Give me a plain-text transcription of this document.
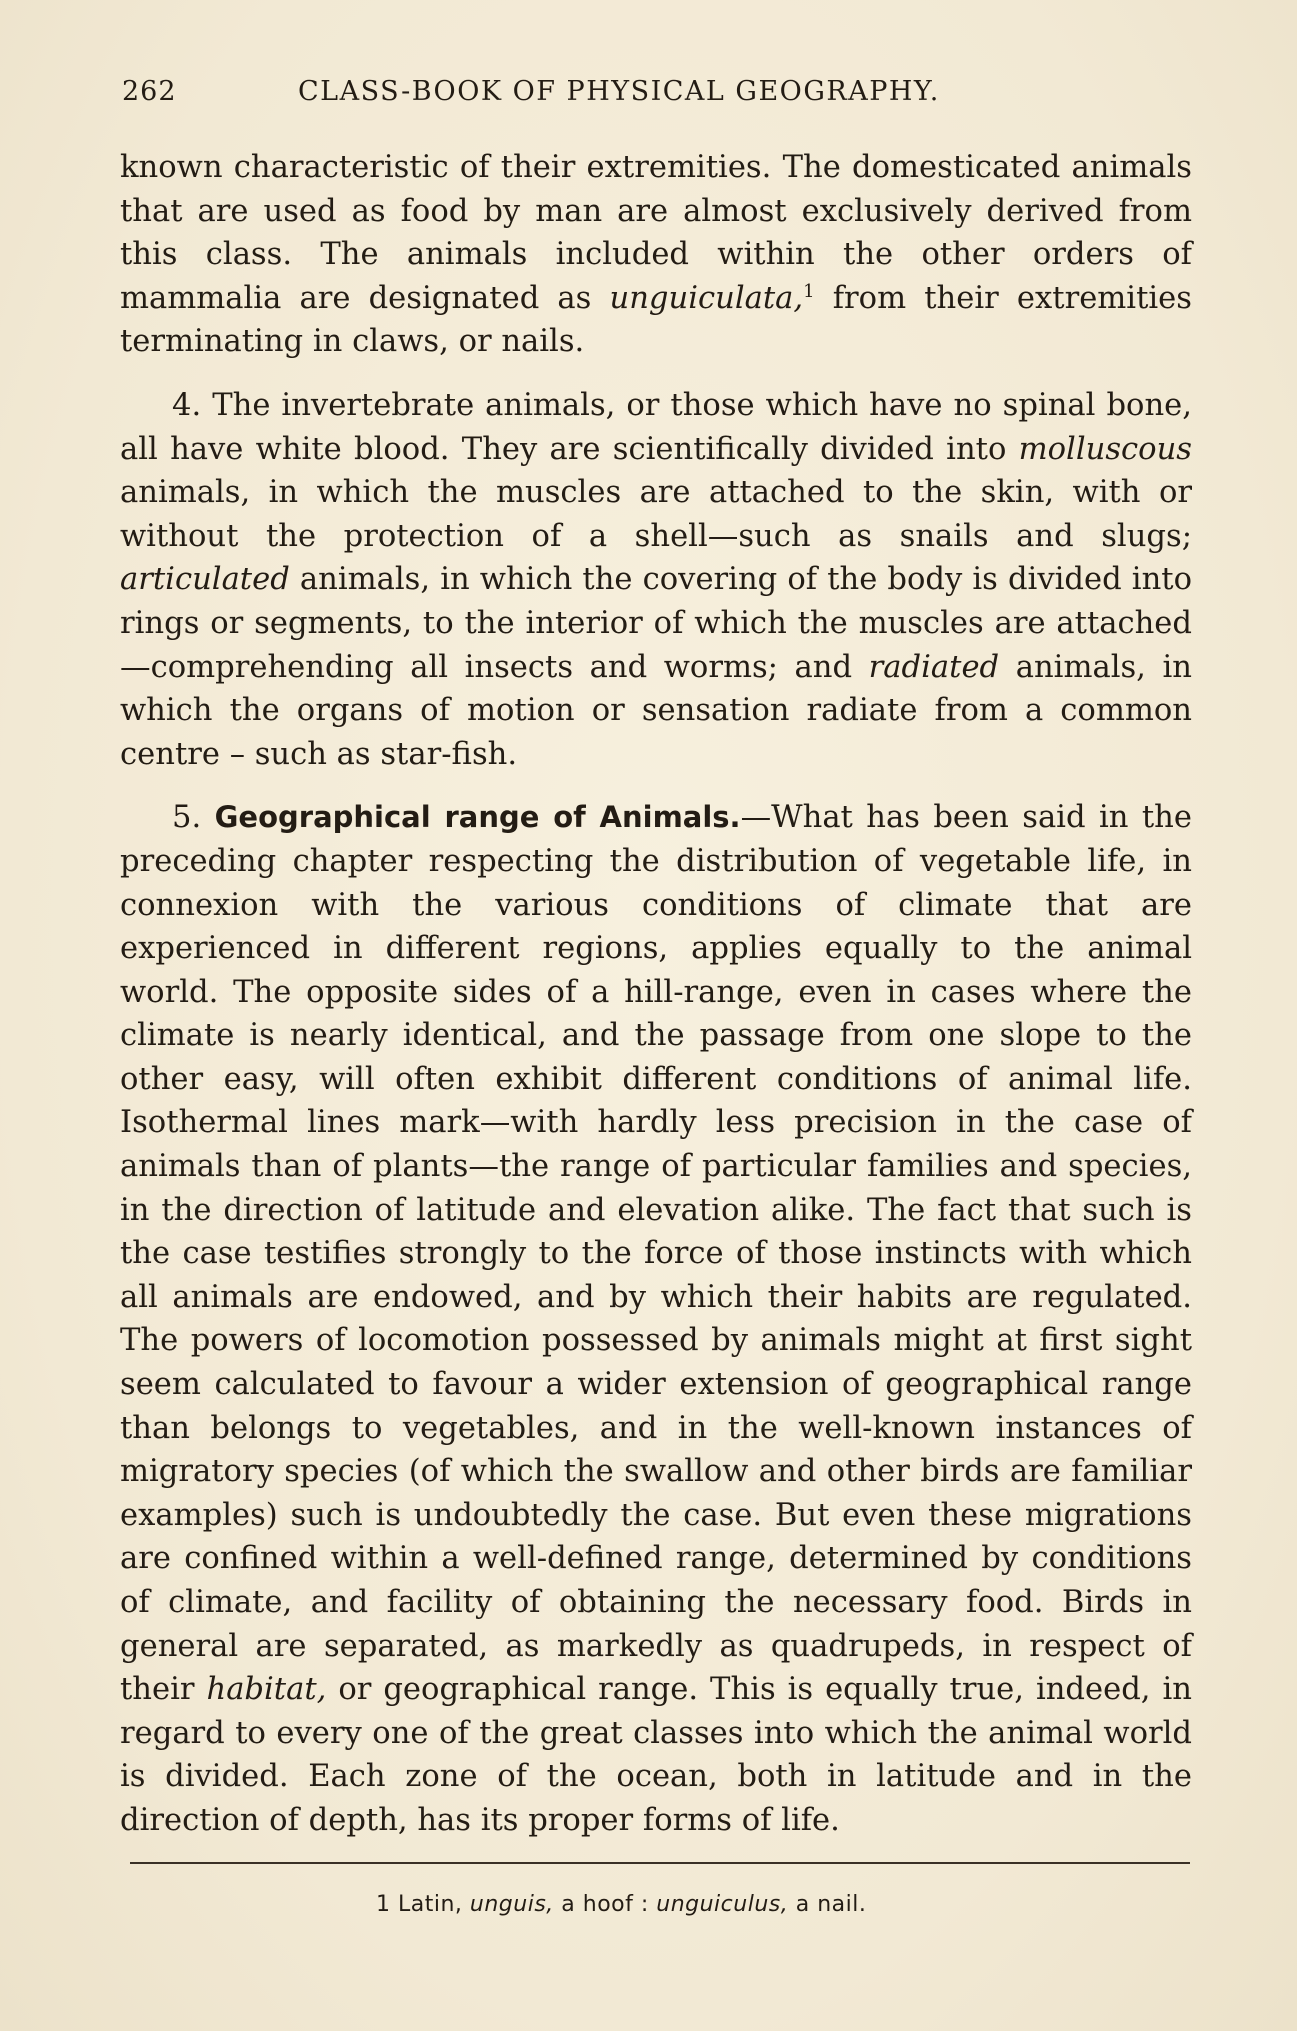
262	CLASS-BOOK OF PHYSICAL GEOGRAPHY.

known characteristic of their extremities. The domesticated animals that are used as food by man are almost exclusively derived from this class. The animals included within the other orders of mammalia are designated as unguiculata,$^1$ from their extremities terminating in claws, or nails.

4. The invertebrate animals, or those which have no spinal bone, all have white blood. They are scientifically divided into molluscous animals, in which the muscles are attached to the skin, with or without the protection of a shell—such as snails and slugs; articulated animals, in which the covering of the body is divided into rings or segments, to the interior of which the muscles are attached—comprehending all insects and worms; and radiated animals, in which the organs of motion or sensation radiate from a common centre – such as star-fish.

5. Geographical range of Animals.—What has been said in the preceding chapter respecting the distribution of vegetable life, in connexion with the various conditions of climate that are experienced in different regions, applies equally to the animal world. The opposite sides of a hill-range, even in cases where the climate is nearly identical, and the passage from one slope to the other easy, will often exhibit different conditions of animal life. Isothermal lines mark—with hardly less precision in the case of animals than of plants—the range of particular families and species, in the direction of latitude and elevation alike. The fact that such is the case testifies strongly to the force of those instincts with which all animals are endowed, and by which their habits are regulated. The powers of locomotion possessed by animals might at first sight seem calculated to favour a wider extension of geographical range than belongs to vegetables, and in the well-known instances of migratory species (of which the swallow and other birds are familiar examples) such is undoubtedly the case. But even these migrations are confined within a well-defined range, determined by conditions of climate, and facility of obtaining the necessary food. Birds in general are separated, as markedly as quadrupeds, in respect of their habitat, or geographical range. This is equally true, indeed, in regard to every one of the great classes into which the animal world is divided. Each zone of the ocean, both in latitude and in the direction of depth, has its proper forms of life.

1 Latin, unguis, a hoof : unguiculus, a nail.
